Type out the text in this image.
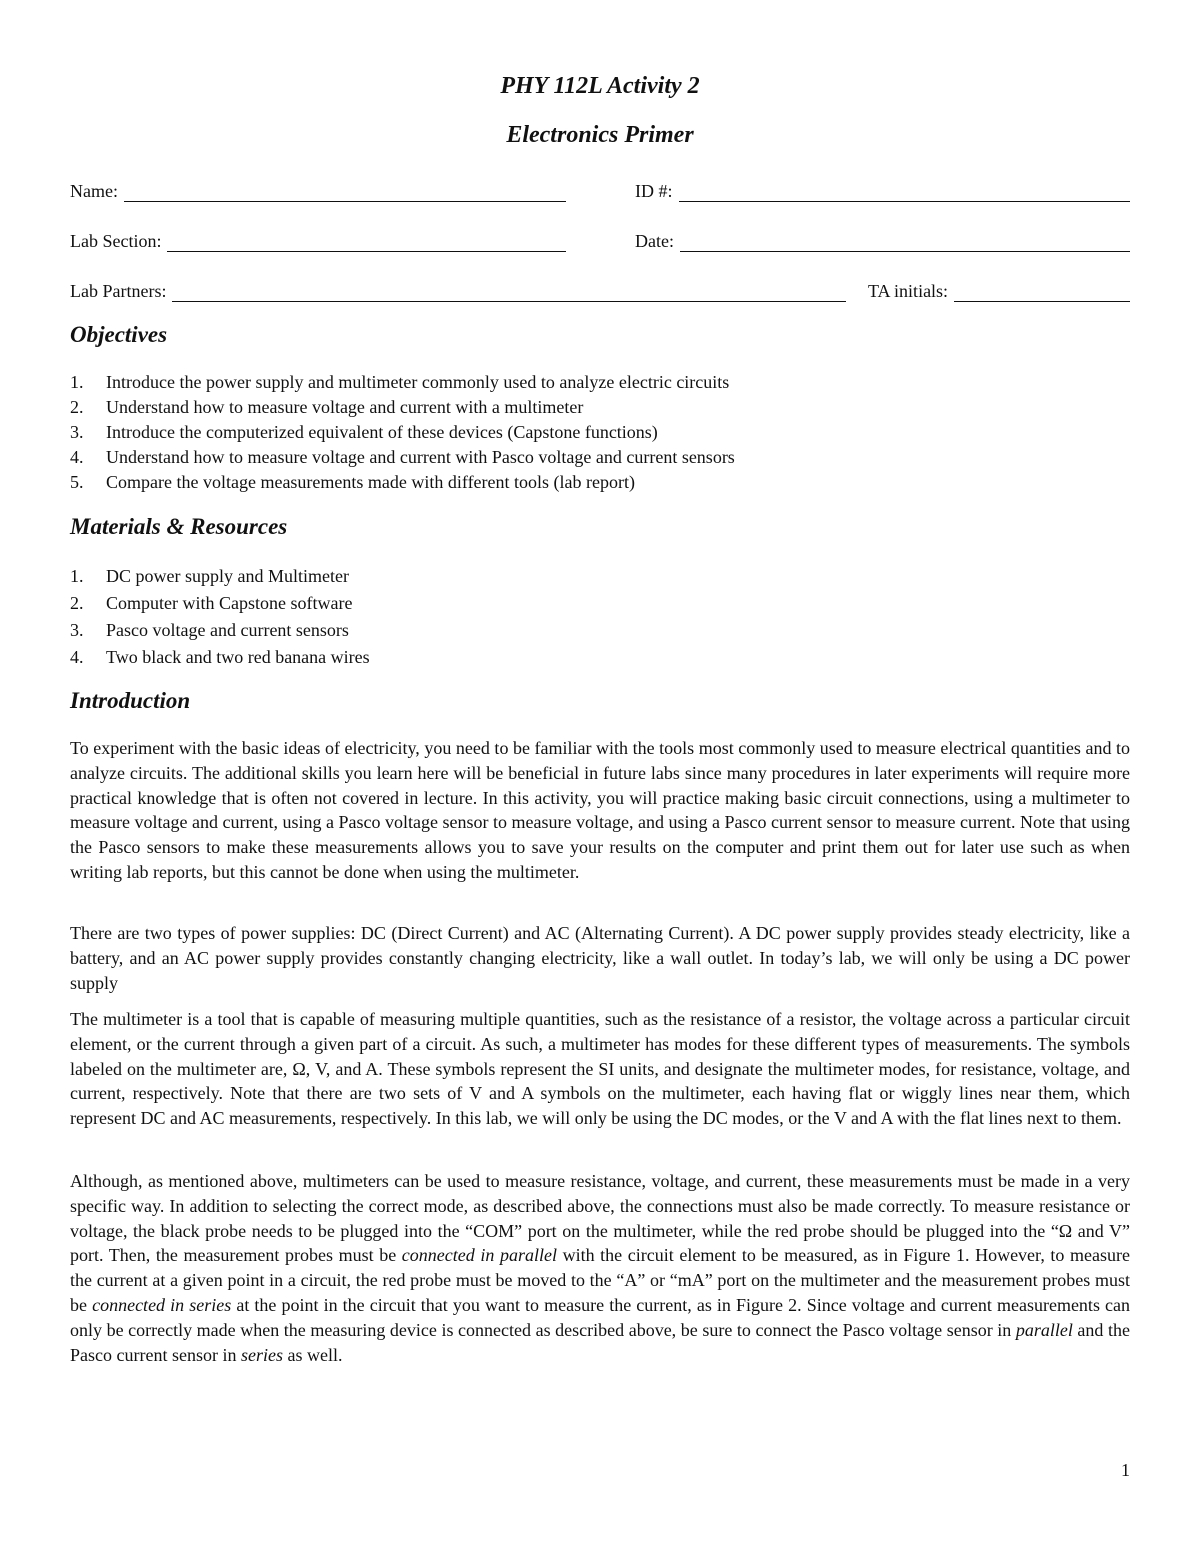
PHY 112L Activity 2
Electronics Primer
Name:	ID #:
Lab Section:	Date:
Lab Partners:	TA initials:
Objectives
1.	Introduce the power supply and multimeter commonly used to analyze electric circuits
2.	Understand how to measure voltage and current with a multimeter
3.	Introduce the computerized equivalent of these devices (Capstone functions)
4.	Understand how to measure voltage and current with Pasco voltage and current sensors
5.	Compare the voltage measurements made with different tools (lab report)
Materials & Resources
1.	DC power supply and Multimeter
2.	Computer with Capstone software
3.	Pasco voltage and current sensors
4.	Two black and two red banana wires
Introduction

To experiment with the basic ideas of electricity, you need to be familiar with the tools most commonly used to measure electrical quantities and to analyze circuits. The additional skills you learn here will be beneficial in future labs since many procedures in later experiments will require more practical knowledge that is often not covered in lecture. In this activity, you will practice making basic circuit connections, using a multimeter to measure voltage and current, using a Pasco voltage sensor to measure voltage, and using a Pasco current sensor to measure current. Note that using the Pasco sensors to make these measurements allows you to save your results on the computer and print them out for later use such as when writing lab reports, but this cannot be done when using the multimeter.

There are two types of power supplies: DC (Direct Current) and AC (Alternating Current). A DC power supply provides steady electricity, like a battery, and an AC power supply provides constantly changing electricity, like a wall outlet. In today’s lab, we will only be using a DC power supply

The multimeter is a tool that is capable of measuring multiple quantities, such as the resistance of a resistor, the voltage across a particular circuit element, or the current through a given part of a circuit. As such, a multimeter has modes for these different types of measurements. The symbols labeled on the multimeter are, Ω, V, and A. These symbols represent the SI units, and designate the multimeter modes, for resistance, voltage, and current, respectively. Note that there are two sets of V and A symbols on the multimeter, each having flat or wiggly lines near them, which represent DC and AC measurements, respectively. In this lab, we will only be using the DC modes, or the V and A with the flat lines next to them.

Although, as mentioned above, multimeters can be used to measure resistance, voltage, and current, these measurements must be made in a very specific way. In addition to selecting the correct mode, as described above, the connections must also be made correctly. To measure resistance or voltage, the black probe needs to be plugged into the “COM” port on the multimeter, while the red probe should be plugged into the “Ω and V” port. Then, the measurement probes must be connected in parallel with the circuit element to be measured, as in Figure 1. However, to measure the current at a given point in a circuit, the red probe must be moved to the “A” or “mA” port on the multimeter and the measurement probes must be connected in series at the point in the circuit that you want to measure the current, as in Figure 2. Since voltage and current measurements can only be correctly made when the measuring device is connected as described above, be sure to connect the Pasco voltage sensor in parallel and the Pasco current sensor in series as well.

1
